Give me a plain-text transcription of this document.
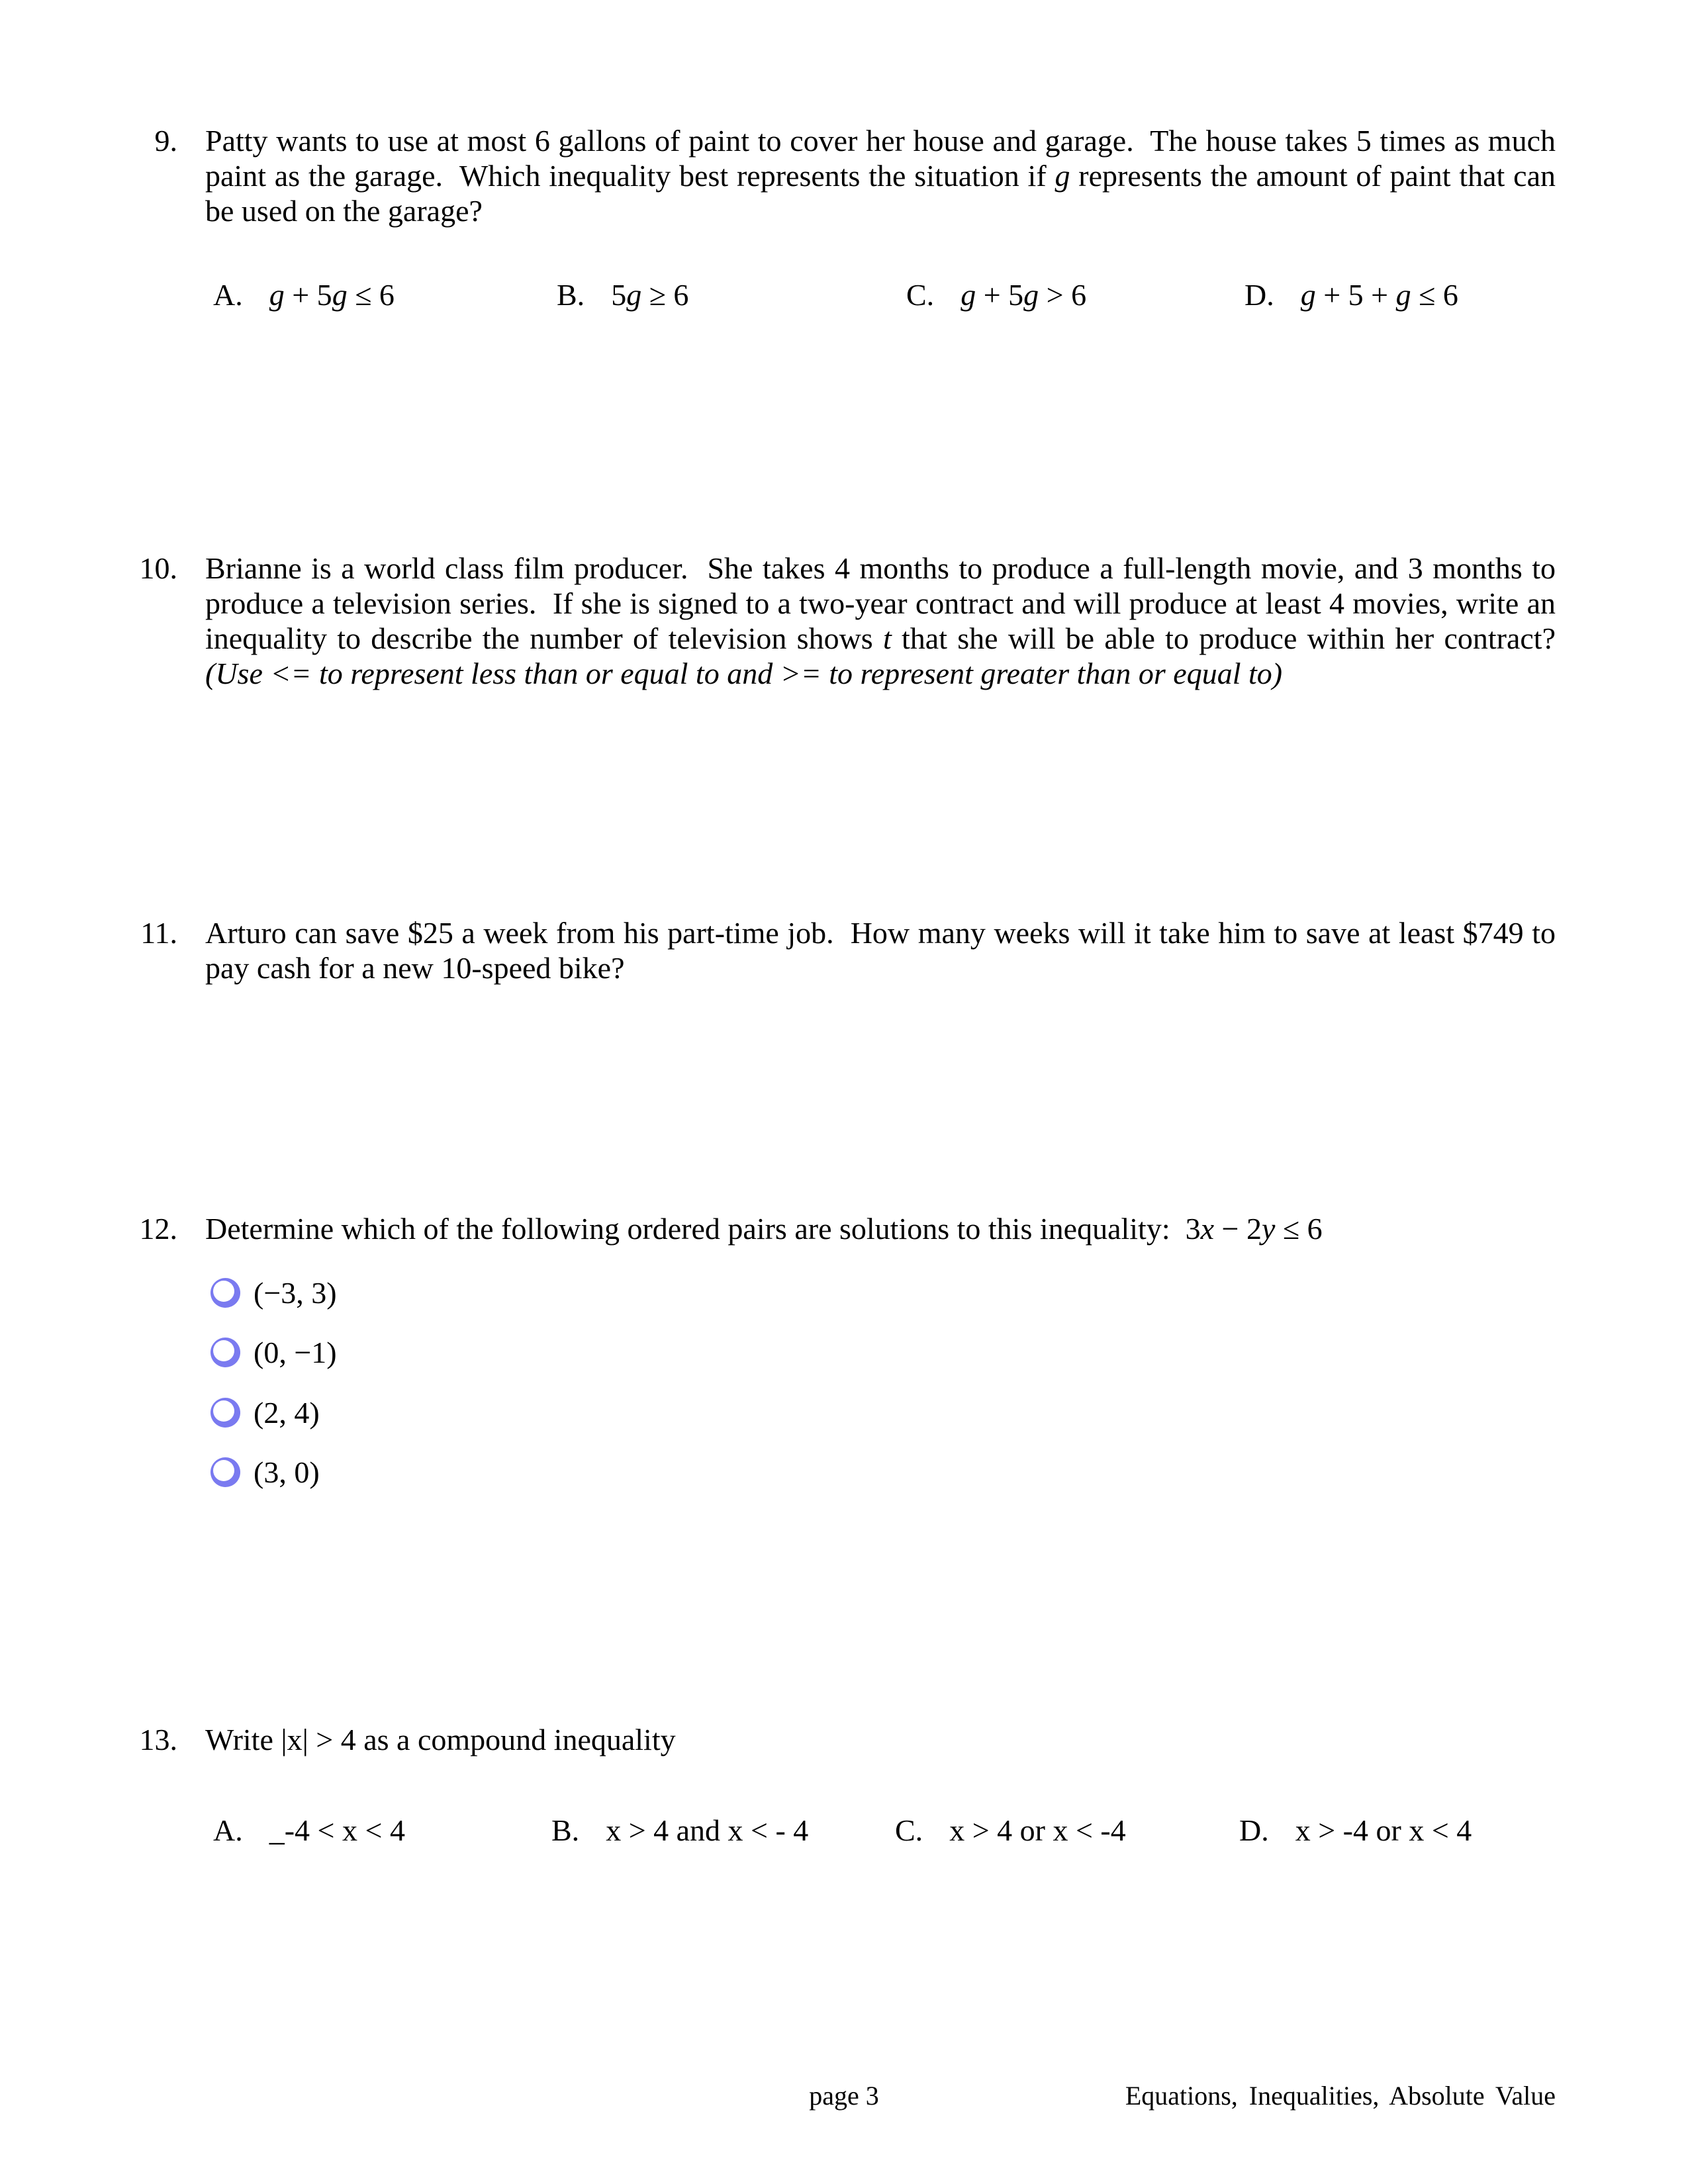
9. Patty wants to use at most 6 gallons of paint to cover her house and garage.  The house takes 5 times as much paint as the garage.  Which inequality best represents the situation if g represents the amount of paint that can be used on the garage?

A. g + 5g ≤ 6	B. 5g ≥ 6	C. g + 5g > 6	D. g + 5 + g ≤ 6
10. Brianne is a world class film producer.  She takes 4 months to produce a full-length movie, and 3 months to produce a television series.  If she is signed to a two-year contract and will produce at least 4 movies, write an inequality to describe the number of television shows t that she will be able to produce within her contract? (Use <= to represent less than or equal to and >= to represent greater than or equal to)

11. Arturo can save $25 a week from his part-time job.  How many weeks will it take him to save at least $749 to pay cash for a new 10-speed bike?

12. Determine which of the following ordered pairs are solutions to this inequality:  3x − 2y ≤ 6

(−3, 3)
(0, −1)
(2, 4)
(3, 0)
13. Write |x| > 4 as a compound inequality

A. _-4 < x < 4	B. x > 4 and x < - 4	C. x > 4 or x < -4	D. x > -4 or x < 4
page 3	Equations, Inequalities, Absolute Value
